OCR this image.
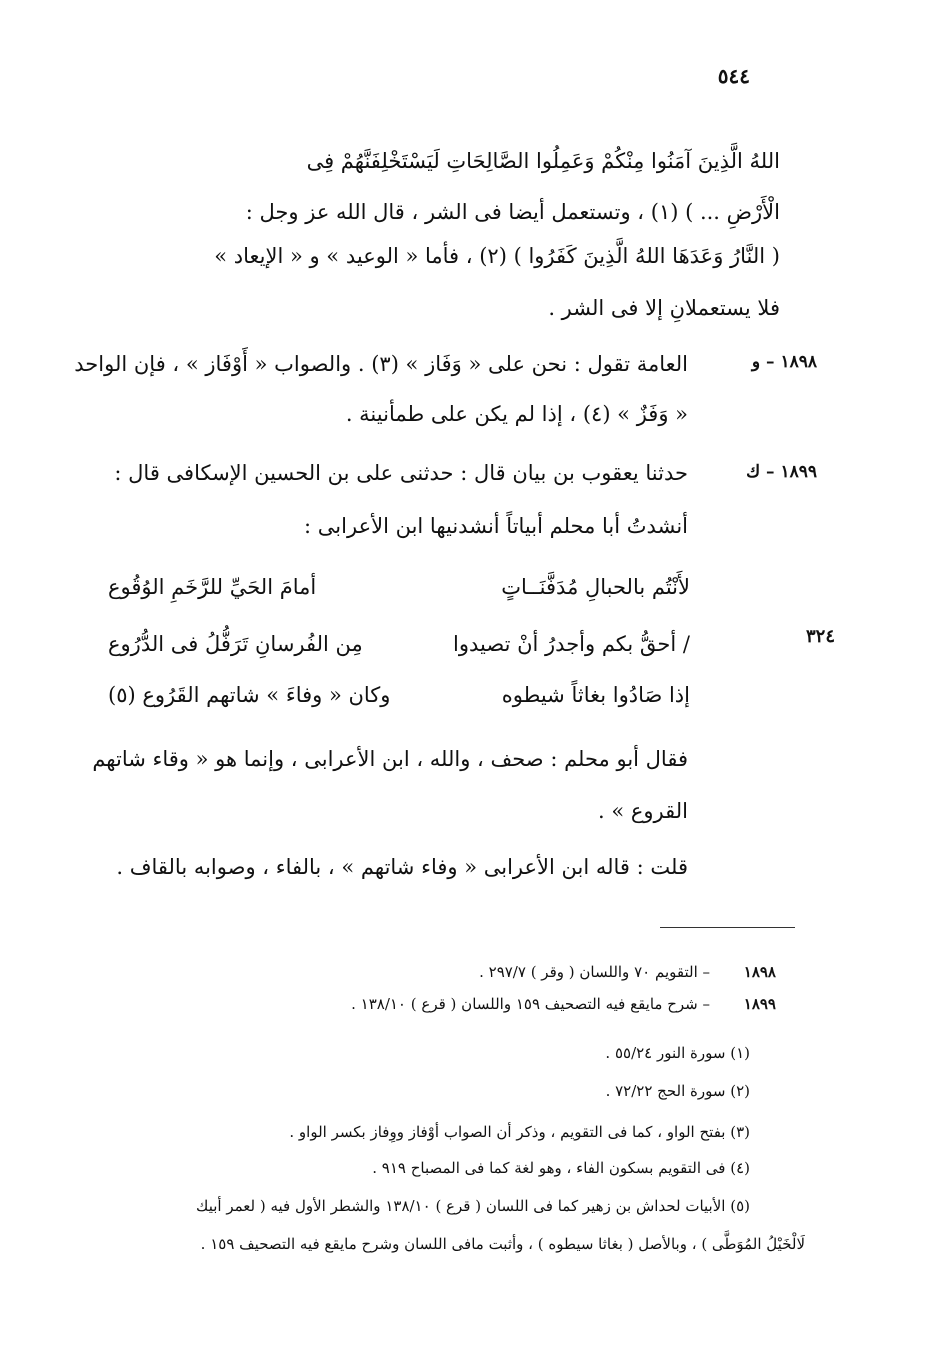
٥٤٤
اللهُ الَّذِينَ آمَنُوا مِنْكُمْ وَعَمِلُوا الصَّالِحَاتِ لَيَسْتَخْلِفَنَّهُمْ فِى
الْأَرْضِ ... ) (١) ، وتستعمل أيضا فى الشر ، قال الله عز وجل :
( النَّارُ وَعَدَهَا اللهُ الَّذِينَ كَفَرُوا ) (٢) ، فأما « الوعيد » و « الإيعاد »
فلا يستعملانِ إلا فى الشر .
١٨٩٨ – و
العامة تقول : نحن على « وَفَاز » (٣) . والصواب « أَوْفَاز » ، فإن الواحد
« وَفَزٌ » (٤) ، إذا لم يكن على طمأنينة .
١٨٩٩ – ك
حدثنا يعقوب بن بيان قال : حدثنى على بن الحسين الإسكافى قال :
أنشدتُ أبا محلم أبياتاً أنشدنيها ابن الأعرابى :
لأَنْتُم بالحبالِ مُدَفَّنَــاتٍ
أمامَ الحَيِّ للرَّخَمِ الوُقُوع
/ أحقُّ بكم وأجدرُ أنْ تصيدوا
مِن الفُرسانِ تَرَفُّلُ فى الدُّرُوع
إذا صَادُوا بغاثاً شيطوه
وكان « وفاءَ » شاتهم القَرُوع (٥)
٣٢٤
فقال أبو محلم : صحف ، والله ، ابن الأعرابى ، وإنما هو « وقاء شاتهم
القروع » .
قلت : قاله ابن الأعرابى « وفاء شاتهم » ، بالفاء ، وصوابه بالقاف .
١٨٩٨
– التقويم ٧٠ واللسان ( وقر ) ٢٩٧/٧ .
١٨٩٩
– شرح مايقع فيه التصحيف ١٥٩ واللسان ( قرع ) ١٣٨/١٠ .
(١) سورة النور ٥٥/٢٤ .
(٢) سورة الحج ٧٢/٢٢ .
(٣) بفتح الواو ، كما فى التقويم ، وذكر أن الصواب أوْفاز ووِفاز بكسر الواو .
(٤) فى التقويم بسكون الفاء ، وهو لغة كما فى المصباح ٩١٩ .
(٥) الأبيات لحداش بن زهير كما فى اللسان ( قرع ) ١٣٨/١٠ والشطر الأول فيه ( لعمر أبيك
لَالْخَيْلُ المُوَطَّى ) ، وبالأصل ( بغاثا سيطوه ) ، وأثبت مافى اللسان وشرح مايقع فيه التصحيف ١٥٩ .
